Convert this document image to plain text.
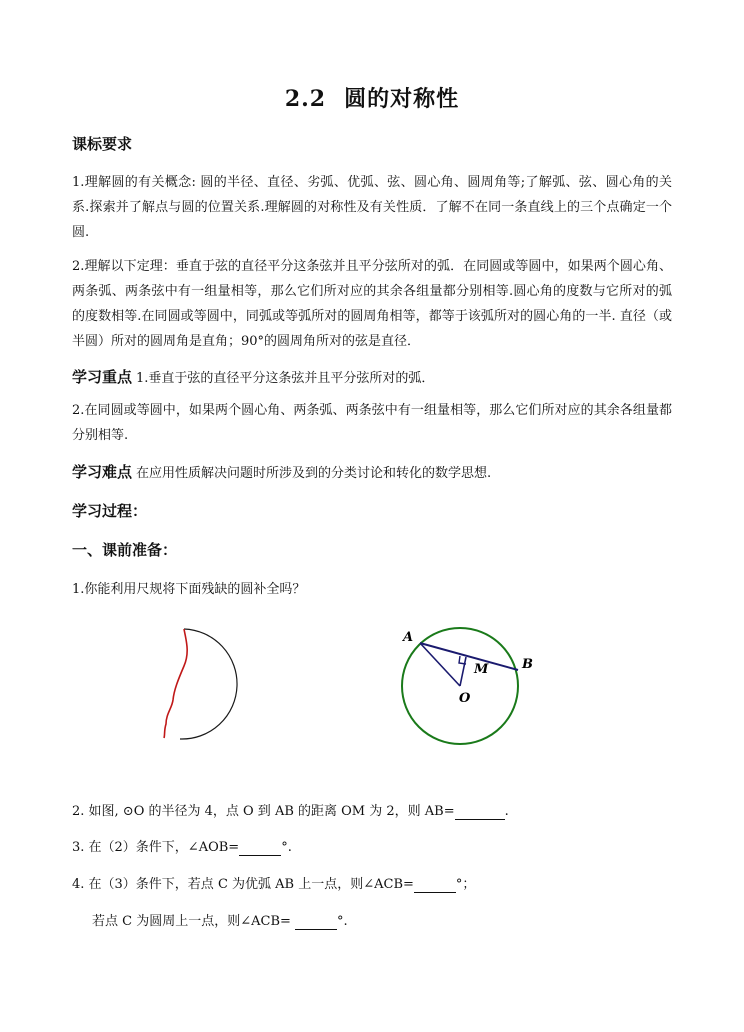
2.2 圆的对称性
课标要求
1.理解圆的有关概念: 圆的半径、直径、劣弧、优弧、弦、圆心角、圆周角等;了解弧、弦、圆心角的关系.探索并了解点与圆的位置关系.理解圆的对称性及有关性质．了解不在同一条直线上的三个点确定一个圆.
2.理解以下定理：垂直于弦的直径平分这条弦并且平分弦所对的弧．在同圆或等圆中，如果两个圆心角、两条弧、两条弦中有一组量相等，那么它们所对应的其余各组量都分别相等.圆心角的度数与它所对的弧的度数相等.在同圆或等圆中，同弧或等弧所对的圆周角相等，都等于该弧所对的圆心角的一半. 直径（或半圆）所对的圆周角是直角；90°的圆周角所对的弦是直径．
学习重点 1.垂直于弦的直径平分这条弦并且平分弦所对的弧．
2.在同圆或等圆中，如果两个圆心角、两条弧、两条弦中有一组量相等，那么它们所对应的其余各组量都分别相等.
学习难点 在应用性质解决问题时所涉及到的分类讨论和转化的数学思想.
学习过程：
一、课前准备：
1.你能利用尺规将下面残缺的圆补全吗？
A
B
M
O
2. 如图, ⊙O 的半径为 4，点 O 到 AB 的距离 OM 为 2，则 AB=	.
3. 在（2）条件下，∠AOB=	°.
4. 在（3）条件下，若点 C 为优弧 AB 上一点，则∠ACB=	°；
若点 C 为圆周上一点，则∠ACB=	°.
